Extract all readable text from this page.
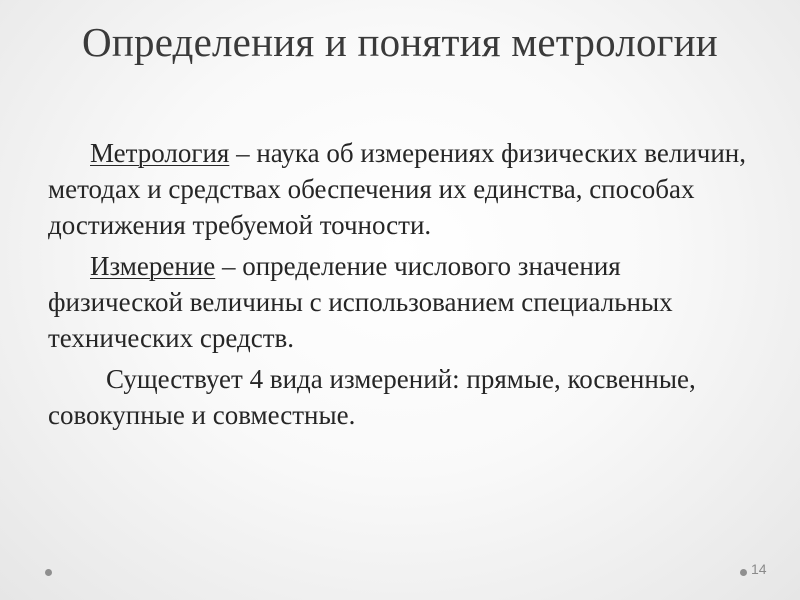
Определения и понятия метрологии

Метрология – наука об измерениях физических величин, методах и средствах обеспечения их единства, способах достижения требуемой точности.

Измерение – определение числового значения физической величины с использованием специальных технических средств.

Существует 4 вида измерений: прямые, косвенные, совокупные и совместные.

14
